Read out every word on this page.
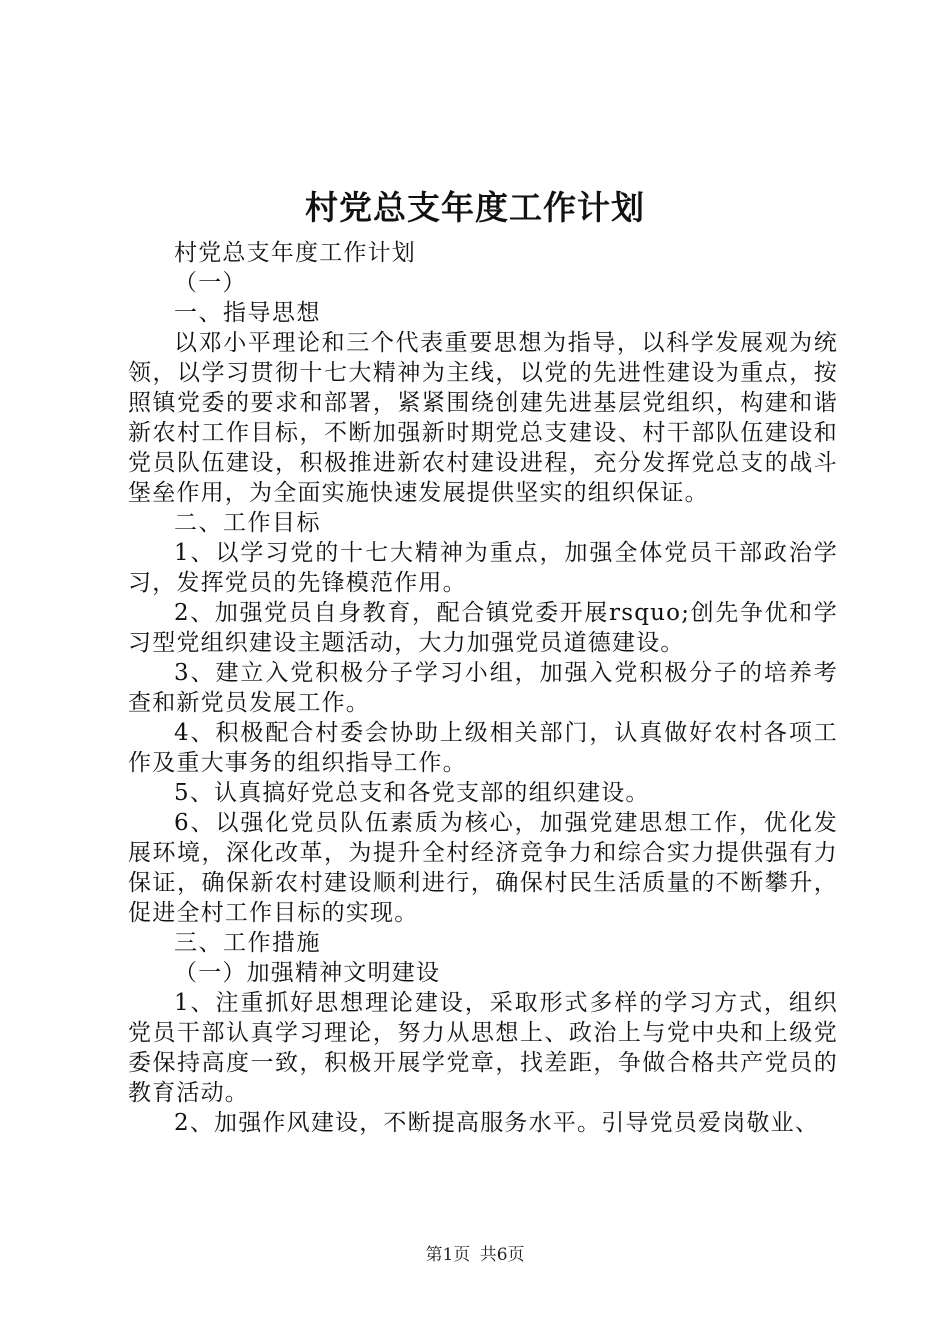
村党总支年度工作计划

村党总支年度工作计划

（一）

一、指导思想

以邓小平理论和三个代表重要思想为指导，以科学发展观为统领，以学习贯彻十七大精神为主线，以党的先进性建设为重点，按照镇党委的要求和部署，紧紧围绕创建先进基层党组织，构建和谐新农村工作目标，不断加强新时期党总支建设、村干部队伍建设和党员队伍建设，积极推进新农村建设进程，充分发挥党总支的战斗堡垒作用，为全面实施快速发展提供坚实的组织保证。

二、工作目标

1、以学习党的十七大精神为重点，加强全体党员干部政治学习，发挥党员的先锋模范作用。

2、加强党员自身教育，配合镇党委开展rsquo;创先争优和学习型党组织建设主题活动，大力加强党员道德建设。

3、建立入党积极分子学习小组，加强入党积极分子的培养考查和新党员发展工作。

4、积极配合村委会协助上级相关部门，认真做好农村各项工作及重大事务的组织指导工作。

5、认真搞好党总支和各党支部的组织建设。

6、以强化党员队伍素质为核心，加强党建思想工作，优化发展环境，深化改革，为提升全村经济竞争力和综合实力提供强有力保证，确保新农村建设顺利进行，确保村民生活质量的不断攀升，促进全村工作目标的实现。

三、工作措施

（一）加强精神文明建设

1、注重抓好思想理论建设，采取形式多样的学习方式，组织党员干部认真学习理论，努力从思想上、政治上与党中央和上级党委保持高度一致，积极开展学党章，找差距，争做合格共产党员的教育活动。

2、加强作风建设，不断提高服务水平。引导党员爱岗敬业、

第1页 共6页
